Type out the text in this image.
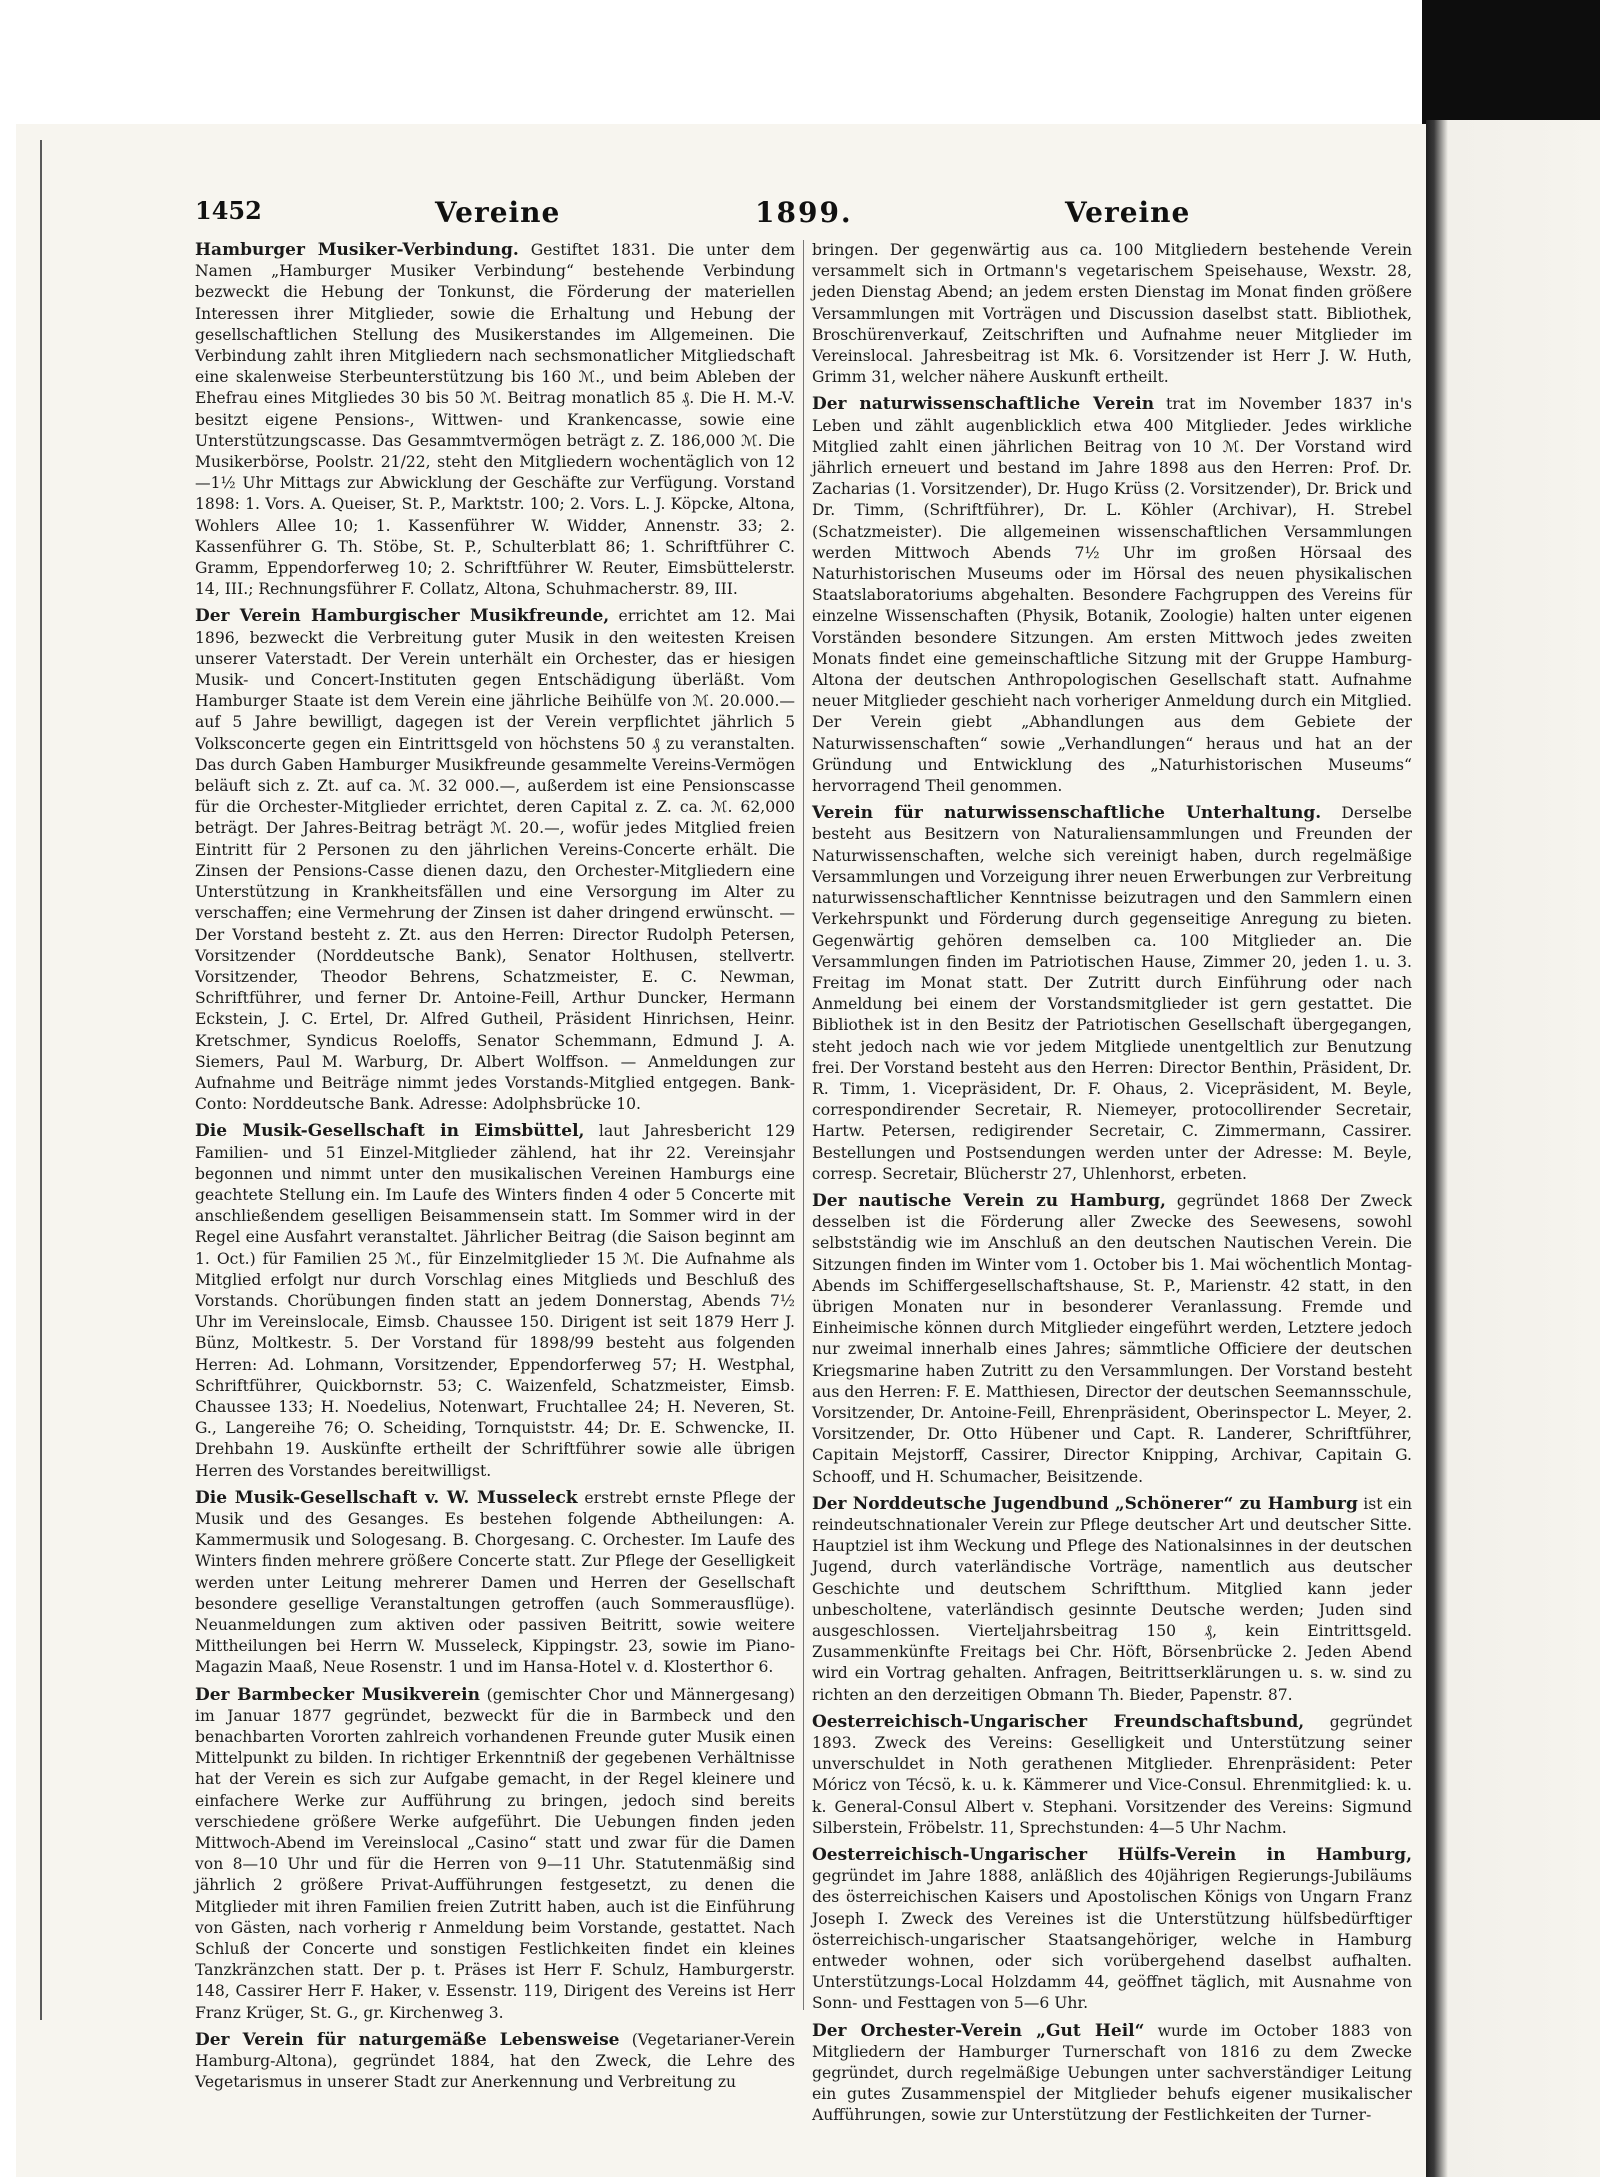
1452	Vereine	1899.	Vereine

Hamburger Musiker-Verbindung. Gestiftet 1831. Die unter dem Namen „Hamburger Musiker Verbindung“ bestehende Verbindung bezweckt die Hebung der Tonkunst, die Förderung der materiellen Interessen ihrer Mitglieder, sowie die Erhaltung und Hebung der gesellschaftlichen Stellung des Musikerstandes im Allgemeinen. Die Verbindung zahlt ihren Mitgliedern nach sechsmonatlicher Mitgliedschaft eine skalenweise Sterbeunterstützung bis 160 ℳ., und beim Ableben der Ehefrau eines Mitgliedes 30 bis 50 ℳ. Beitrag monatlich 85 ₰. Die H. M.-V. besitzt eigene Pensions-, Wittwen- und Krankencasse, sowie eine Unterstützungscasse. Das Gesammtvermögen beträgt z. Z. 186,000 ℳ. Die Musikerbörse, Poolstr. 21/22, steht den Mitgliedern wochentäglich von 12—1½ Uhr Mittags zur Abwicklung der Geschäfte zur Verfügung. Vorstand 1898: 1. Vors. A. Queiser, St. P., Marktstr. 100; 2. Vors. L. J. Köpcke, Altona, Wohlers Allee 10; 1. Kassenführer W. Widder, Annenstr. 33; 2. Kassenführer G. Th. Stöbe, St. P., Schulterblatt 86; 1. Schriftführer C. Gramm, Eppendorferweg 10; 2. Schriftführer W. Reuter, Eimsbüttelerstr. 14, III.; Rechnungsführer F. Collatz, Altona, Schuhmacherstr. 89, III.

Der Verein Hamburgischer Musikfreunde, errichtet am 12. Mai 1896, bezweckt die Verbreitung guter Musik in den weitesten Kreisen unserer Vaterstadt. Der Verein unterhält ein Orchester, das er hiesigen Musik- und Concert-Instituten gegen Entschädigung überläßt. Vom Hamburger Staate ist dem Verein eine jährliche Beihülfe von ℳ. 20.000.— auf 5 Jahre bewilligt, dagegen ist der Verein verpflichtet jährlich 5 Volksconcerte gegen ein Eintrittsgeld von höchstens 50 ₰ zu veranstalten. Das durch Gaben Hamburger Musikfreunde gesammelte Vereins-Vermögen beläuft sich z. Zt. auf ca. ℳ. 32 000.—, außerdem ist eine Pensionscasse für die Orchester-Mitglieder errichtet, deren Capital z. Z. ca. ℳ. 62,000 beträgt. Der Jahres-Beitrag beträgt ℳ. 20.—, wofür jedes Mitglied freien Eintritt für 2 Personen zu den jährlichen Vereins-Concerte erhält. Die Zinsen der Pensions-Casse dienen dazu, den Orchester-Mitgliedern eine Unterstützung in Krankheitsfällen und eine Versorgung im Alter zu verschaffen; eine Vermehrung der Zinsen ist daher dringend erwünscht. — Der Vorstand besteht z. Zt. aus den Herren: Director Rudolph Petersen, Vorsitzender (Norddeutsche Bank), Senator Holthusen, stellvertr. Vorsitzender, Theodor Behrens, Schatzmeister, E. C. Newman, Schriftführer, und ferner Dr. Antoine-Feill, Arthur Duncker, Hermann Eckstein, J. C. Ertel, Dr. Alfred Gutheil, Präsident Hinrichsen, Heinr. Kretschmer, Syndicus Roeloffs, Senator Schemmann, Edmund J. A. Siemers, Paul M. Warburg, Dr. Albert Wolffson. — Anmeldungen zur Aufnahme und Beiträge nimmt jedes Vorstands-Mitglied entgegen. Bank-Conto: Norddeutsche Bank. Adresse: Adolphsbrücke 10.

Die Musik-Gesellschaft in Eimsbüttel, laut Jahresbericht 129 Familien- und 51 Einzel-Mitglieder zählend, hat ihr 22. Vereinsjahr begonnen und nimmt unter den musikalischen Vereinen Hamburgs eine geachtete Stellung ein. Im Laufe des Winters finden 4 oder 5 Concerte mit anschließendem geselligen Beisammensein statt. Im Sommer wird in der Regel eine Ausfahrt veranstaltet. Jährlicher Beitrag (die Saison beginnt am 1. Oct.) für Familien 25 ℳ., für Einzelmitglieder 15 ℳ. Die Aufnahme als Mitglied erfolgt nur durch Vorschlag eines Mitglieds und Beschluß des Vorstands. Chorübungen finden statt an jedem Donnerstag, Abends 7½ Uhr im Vereinslocale, Eimsb. Chaussee 150. Dirigent ist seit 1879 Herr J. Bünz, Moltkestr. 5. Der Vorstand für 1898/99 besteht aus folgenden Herren: Ad. Lohmann, Vorsitzender, Eppendorferweg 57; H. Westphal, Schriftführer, Quickbornstr. 53; C. Waizenfeld, Schatzmeister, Eimsb. Chaussee 133; H. Noedelius, Notenwart, Fruchtallee 24; H. Neveren, St. G., Langereihe 76; O. Scheiding, Tornquiststr. 44; Dr. E. Schwencke, II. Drehbahn 19. Auskünfte ertheilt der Schriftführer sowie alle übrigen Herren des Vorstandes bereitwilligst.

Die Musik-Gesellschaft v. W. Musseleck erstrebt ernste Pflege der Musik und des Gesanges. Es bestehen folgende Abtheilungen: A. Kammermusik und Sologesang. B. Chorgesang. C. Orchester. Im Laufe des Winters finden mehrere größere Concerte statt. Zur Pflege der Geselligkeit werden unter Leitung mehrerer Damen und Herren der Gesellschaft besondere gesellige Veranstaltungen getroffen (auch Sommerausflüge). Neuanmeldungen zum aktiven oder passiven Beitritt, sowie weitere Mittheilungen bei Herrn W. Musseleck, Kippingstr. 23, sowie im Piano-Magazin Maaß, Neue Rosenstr. 1 und im Hansa-Hotel v. d. Klosterthor 6.

Der Barmbecker Musikverein (gemischter Chor und Männergesang) im Januar 1877 gegründet, bezweckt für die in Barmbeck und den benachbarten Vororten zahlreich vorhandenen Freunde guter Musik einen Mittelpunkt zu bilden. In richtiger Erkenntniß der gegebenen Verhältnisse hat der Verein es sich zur Aufgabe gemacht, in der Regel kleinere und einfachere Werke zur Aufführung zu bringen, jedoch sind bereits verschiedene größere Werke aufgeführt. Die Uebungen finden jeden Mittwoch-Abend im Vereinslocal „Casino“ statt und zwar für die Damen von 8—10 Uhr und für die Herren von 9—11 Uhr. Statutenmäßig sind jährlich 2 größere Privat-Aufführungen festgesetzt, zu denen die Mitglieder mit ihren Familien freien Zutritt haben, auch ist die Einführung von Gästen, nach vorherig r Anmeldung beim Vorstande, gestattet. Nach Schluß der Concerte und sonstigen Festlichkeiten findet ein kleines Tanzkränzchen statt. Der p. t. Präses ist Herr F. Schulz, Hamburgerstr. 148, Cassirer Herr F. Haker, v. Essenstr. 119, Dirigent des Vereins ist Herr Franz Krüger, St. G., gr. Kirchenweg 3.

Der Verein für naturgemäße Lebensweise (Vegetarianer-Verein Hamburg-Altona), gegründet 1884, hat den Zweck, die Lehre des Vegetarismus in unserer Stadt zur Anerkennung und Verbreitung zu

bringen. Der gegenwärtig aus ca. 100 Mitgliedern bestehende Verein versammelt sich in Ortmann's vegetarischem Speisehause, Wexstr. 28, jeden Dienstag Abend; an jedem ersten Dienstag im Monat finden größere Versammlungen mit Vorträgen und Discussion daselbst statt. Bibliothek, Broschürenverkauf, Zeitschriften und Aufnahme neuer Mitglieder im Vereinslocal. Jahresbeitrag ist Mk. 6. Vorsitzender ist Herr J. W. Huth, Grimm 31, welcher nähere Auskunft ertheilt.

Der naturwissenschaftliche Verein trat im November 1837 in's Leben und zählt augenblicklich etwa 400 Mitglieder. Jedes wirkliche Mitglied zahlt einen jährlichen Beitrag von 10 ℳ. Der Vorstand wird jährlich erneuert und bestand im Jahre 1898 aus den Herren: Prof. Dr. Zacharias (1. Vorsitzender), Dr. Hugo Krüss (2. Vorsitzender), Dr. Brick und Dr. Timm, (Schriftführer), Dr. L. Köhler (Archivar), H. Strebel (Schatzmeister). Die allgemeinen wissenschaftlichen Versammlungen werden Mittwoch Abends 7½ Uhr im großen Hörsaal des Naturhistorischen Museums oder im Hörsal des neuen physikalischen Staatslaboratoriums abgehalten. Besondere Fachgruppen des Vereins für einzelne Wissenschaften (Physik, Botanik, Zoologie) halten unter eigenen Vorständen besondere Sitzungen. Am ersten Mittwoch jedes zweiten Monats findet eine gemeinschaftliche Sitzung mit der Gruppe Hamburg-Altona der deutschen Anthropologischen Gesellschaft statt. Aufnahme neuer Mitglieder geschieht nach vorheriger Anmeldung durch ein Mitglied. Der Verein giebt „Abhandlungen aus dem Gebiete der Naturwissenschaften“ sowie „Verhandlungen“ heraus und hat an der Gründung und Entwicklung des „Naturhistorischen Museums“ hervorragend Theil genommen.

Verein für naturwissenschaftliche Unterhaltung. Derselbe besteht aus Besitzern von Naturaliensammlungen und Freunden der Naturwissenschaften, welche sich vereinigt haben, durch regelmäßige Versammlungen und Vorzeigung ihrer neuen Erwerbungen zur Verbreitung naturwissenschaftlicher Kenntnisse beizutragen und den Sammlern einen Verkehrspunkt und Förderung durch gegenseitige Anregung zu bieten. Gegenwärtig gehören demselben ca. 100 Mitglieder an. Die Versammlungen finden im Patriotischen Hause, Zimmer 20, jeden 1. u. 3. Freitag im Monat statt. Der Zutritt durch Einführung oder nach Anmeldung bei einem der Vorstandsmitglieder ist gern gestattet. Die Bibliothek ist in den Besitz der Patriotischen Gesellschaft übergegangen, steht jedoch nach wie vor jedem Mitgliede unentgeltlich zur Benutzung frei. Der Vorstand besteht aus den Herren: Director Benthin, Präsident, Dr. R. Timm, 1. Vicepräsident, Dr. F. Ohaus, 2. Vicepräsident, M. Beyle, correspondirender Secretair, R. Niemeyer, protocollirender Secretair, Hartw. Petersen, redigirender Secretair, C. Zimmermann, Cassirer. Bestellungen und Postsendungen werden unter der Adresse: M. Beyle, corresp. Secretair, Blücherstr 27, Uhlenhorst, erbeten.

Der nautische Verein zu Hamburg, gegründet 1868 Der Zweck desselben ist die Förderung aller Zwecke des Seewesens, sowohl selbstständig wie im Anschluß an den deutschen Nautischen Verein. Die Sitzungen finden im Winter vom 1. October bis 1. Mai wöchentlich Montag-Abends im Schiffergesellschaftshause, St. P., Marienstr. 42 statt, in den übrigen Monaten nur in besonderer Veranlassung. Fremde und Einheimische können durch Mitglieder eingeführt werden, Letztere jedoch nur zweimal innerhalb eines Jahres; sämmtliche Officiere der deutschen Kriegsmarine haben Zutritt zu den Versammlungen. Der Vorstand besteht aus den Herren: F. E. Matthiesen, Director der deutschen Seemannsschule, Vorsitzender, Dr. Antoine-Feill, Ehrenpräsident, Oberinspector L. Meyer, 2. Vorsitzender, Dr. Otto Hübener und Capt. R. Landerer, Schriftführer, Capitain Mejstorff, Cassirer, Director Knipping, Archivar, Capitain G. Schooff, und H. Schumacher, Beisitzende.

Der Norddeutsche Jugendbund „Schönerer“ zu Hamburg ist ein reindeutschnationaler Verein zur Pflege deutscher Art und deutscher Sitte. Hauptziel ist ihm Weckung und Pflege des Nationalsinnes in der deutschen Jugend, durch vaterländische Vorträge, namentlich aus deutscher Geschichte und deutschem Schriftthum. Mitglied kann jeder unbescholtene, vaterländisch gesinnte Deutsche werden; Juden sind ausgeschlossen. Vierteljahrsbeitrag 150 ₰, kein Eintrittsgeld. Zusammenkünfte Freitags bei Chr. Höft, Börsenbrücke 2. Jeden Abend wird ein Vortrag gehalten. Anfragen, Beitrittserklärungen u. s. w. sind zu richten an den derzeitigen Obmann Th. Bieder, Papenstr. 87.

Oesterreichisch-Ungarischer Freundschaftsbund, gegründet 1893. Zweck des Vereins: Geselligkeit und Unterstützung seiner unverschuldet in Noth gerathenen Mitglieder. Ehrenpräsident: Peter Móricz von Técsö, k. u. k. Kämmerer und Vice-Consul. Ehrenmitglied: k. u. k. General-Consul Albert v. Stephani. Vorsitzender des Vereins: Sigmund Silberstein, Fröbelstr. 11, Sprechstunden: 4—5 Uhr Nachm.

Oesterreichisch-Ungarischer Hülfs-Verein in Hamburg, gegründet im Jahre 1888, anläßlich des 40jährigen Regierungs-Jubiläums des österreichischen Kaisers und Apostolischen Königs von Ungarn Franz Joseph I. Zweck des Vereines ist die Unterstützung hülfsbedürftiger österreichisch-ungarischer Staatsangehöriger, welche in Hamburg entweder wohnen, oder sich vorübergehend daselbst aufhalten. Unterstützungs-Local Holzdamm 44, geöffnet täglich, mit Ausnahme von Sonn- und Festtagen von 5—6 Uhr.

Der Orchester-Verein „Gut Heil“ wurde im October 1883 von Mitgliedern der Hamburger Turnerschaft von 1816 zu dem Zwecke gegründet, durch regelmäßige Uebungen unter sachverständiger Leitung ein gutes Zusammenspiel der Mitglieder behufs eigener musikalischer Aufführungen, sowie zur Unterstützung der Festlichkeiten der Turner-
